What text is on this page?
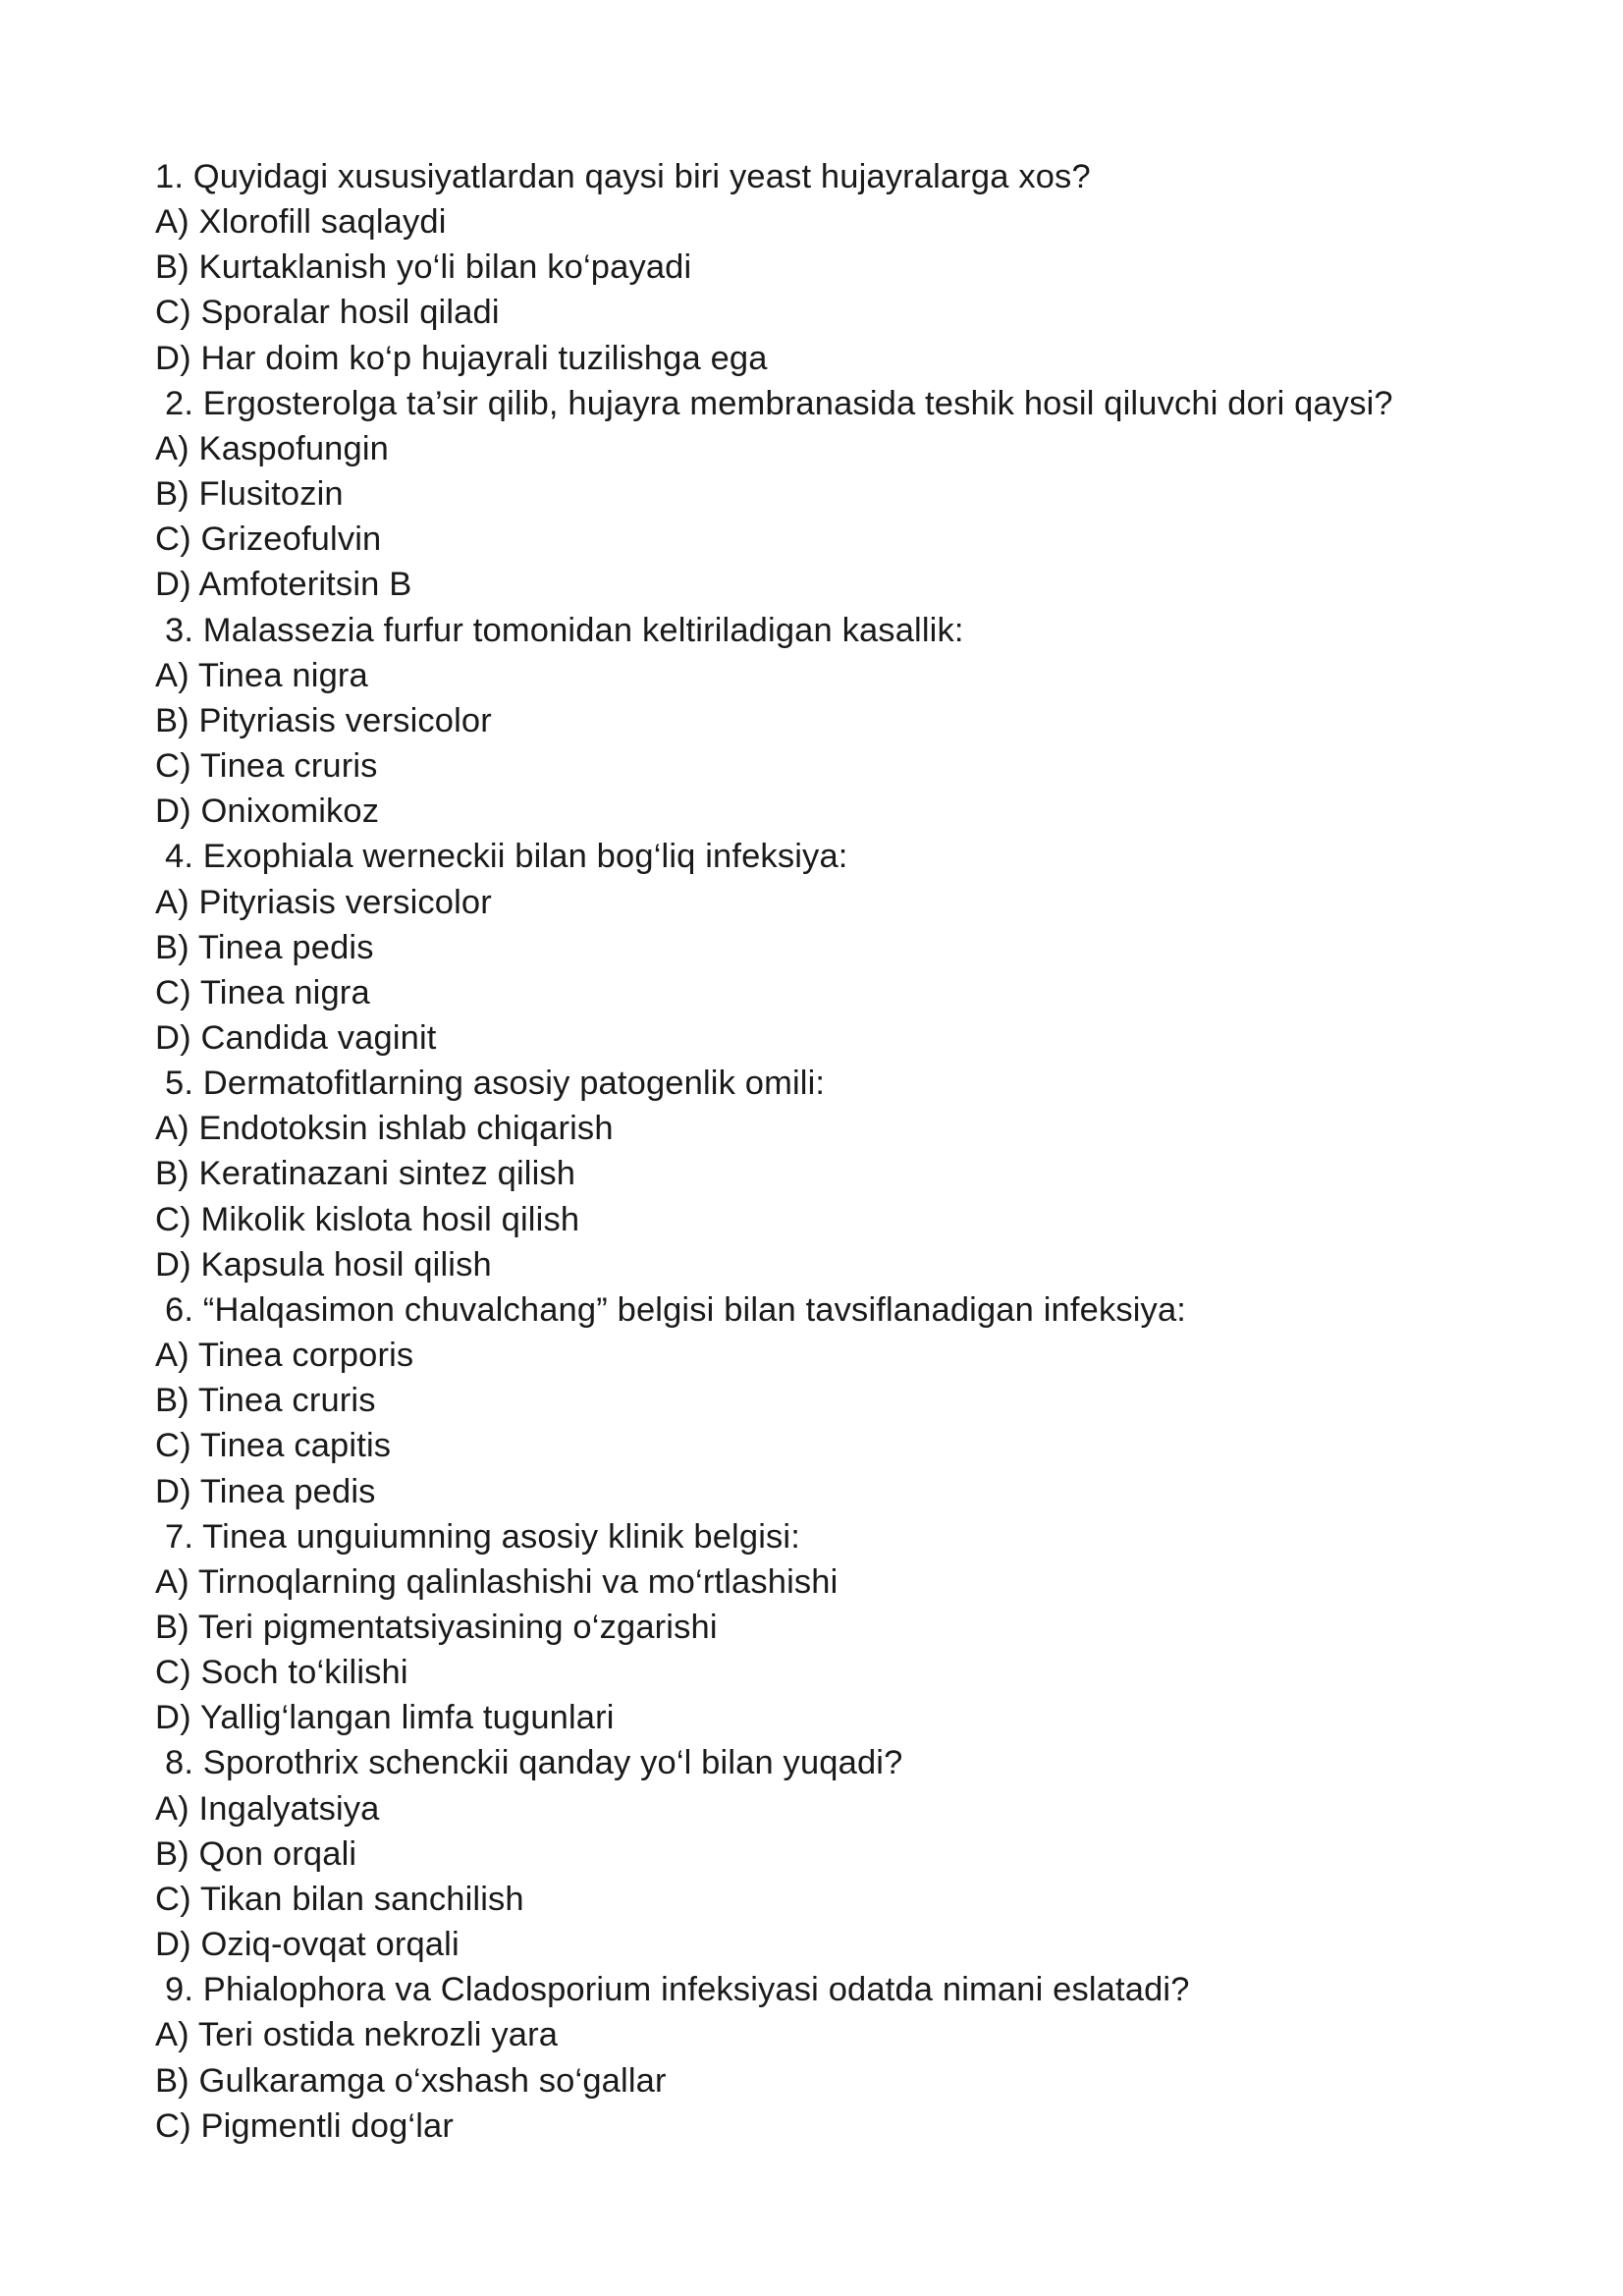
1. Quyidagi xususiyatlardan qaysi biri yeast hujayralarga xos?
A) Xlorofill saqlaydi
B) Kurtaklanish yo‘li bilan ko‘payadi
C) Sporalar hosil qiladi
D) Har doim ko‘p hujayrali tuzilishga ega
2. Ergosterolga ta’sir qilib, hujayra membranasida teshik hosil qiluvchi dori qaysi?
A) Kaspofungin
B) Flusitozin
C) Grizeofulvin
D) Amfoteritsin B
3. Malassezia furfur tomonidan keltiriladigan kasallik:
A) Tinea nigra
B) Pityriasis versicolor
C) Tinea cruris
D) Onixomikoz
4. Exophiala werneckii bilan bog‘liq infeksiya:
A) Pityriasis versicolor
B) Tinea pedis
C) Tinea nigra
D) Candida vaginit
5. Dermatofitlarning asosiy patogenlik omili:
A) Endotoksin ishlab chiqarish
B) Keratinazani sintez qilish
C) Mikolik kislota hosil qilish
D) Kapsula hosil qilish
6. “Halqasimon chuvalchang” belgisi bilan tavsiflanadigan infeksiya:
A) Tinea corporis
B) Tinea cruris
C) Tinea capitis
D) Tinea pedis
7. Tinea unguiumning asosiy klinik belgisi:
A) Tirnoqlarning qalinlashishi va mo‘rtlashishi
B) Teri pigmentatsiyasining o‘zgarishi
C) Soch to‘kilishi
D) Yallig‘langan limfa tugunlari
8. Sporothrix schenckii qanday yo‘l bilan yuqadi?
A) Ingalyatsiya
B) Qon orqali
C) Tikan bilan sanchilish
D) Oziq-ovqat orqali
9. Phialophora va Cladosporium infeksiyasi odatda nimani eslatadi?
A) Teri ostida nekrozli yara
B) Gulkaramga o‘xshash so‘gallar
C) Pigmentli dog‘lar
